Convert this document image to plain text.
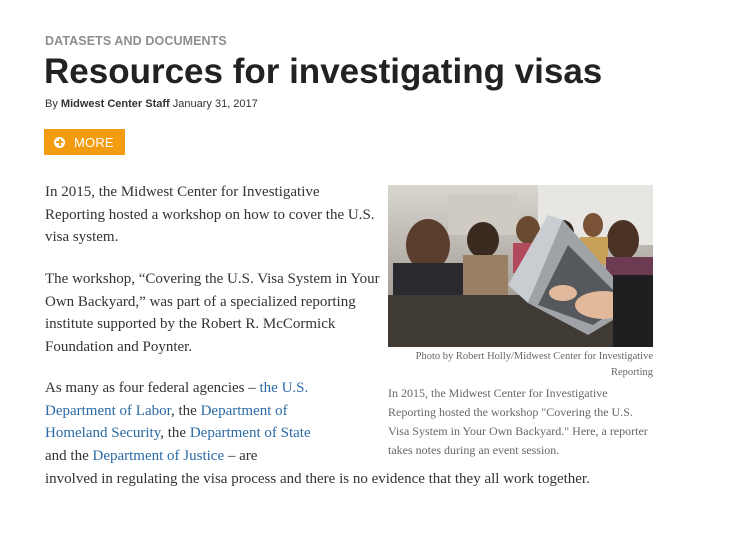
DATASETS AND DOCUMENTS
Resources for investigating visas
By Midwest Center Staff January 31, 2017
MORE

In 2015, the Midwest Center for Investigative Reporting hosted a workshop on how to cover the U.S. visa system.

The workshop, “Covering the U.S. Visa System in Your Own Backyard,” was part of a specialized reporting institute supported by the Robert R. McCormick Foundation and Poynter.

As many as four federal agencies – the U.S. Department of Labor, the Department of Homeland Security, the Department of State and the Department of Justice – are

involved in regulating the visa process and there is no evidence that they all work together.

Photo by Robert Holly/Midwest Center for Investigative Reporting

In 2015, the Midwest Center for Investigative Reporting hosted the workshop "Covering the U.S. Visa System in Your Own Backyard." Here, a reporter takes notes during an event session.
